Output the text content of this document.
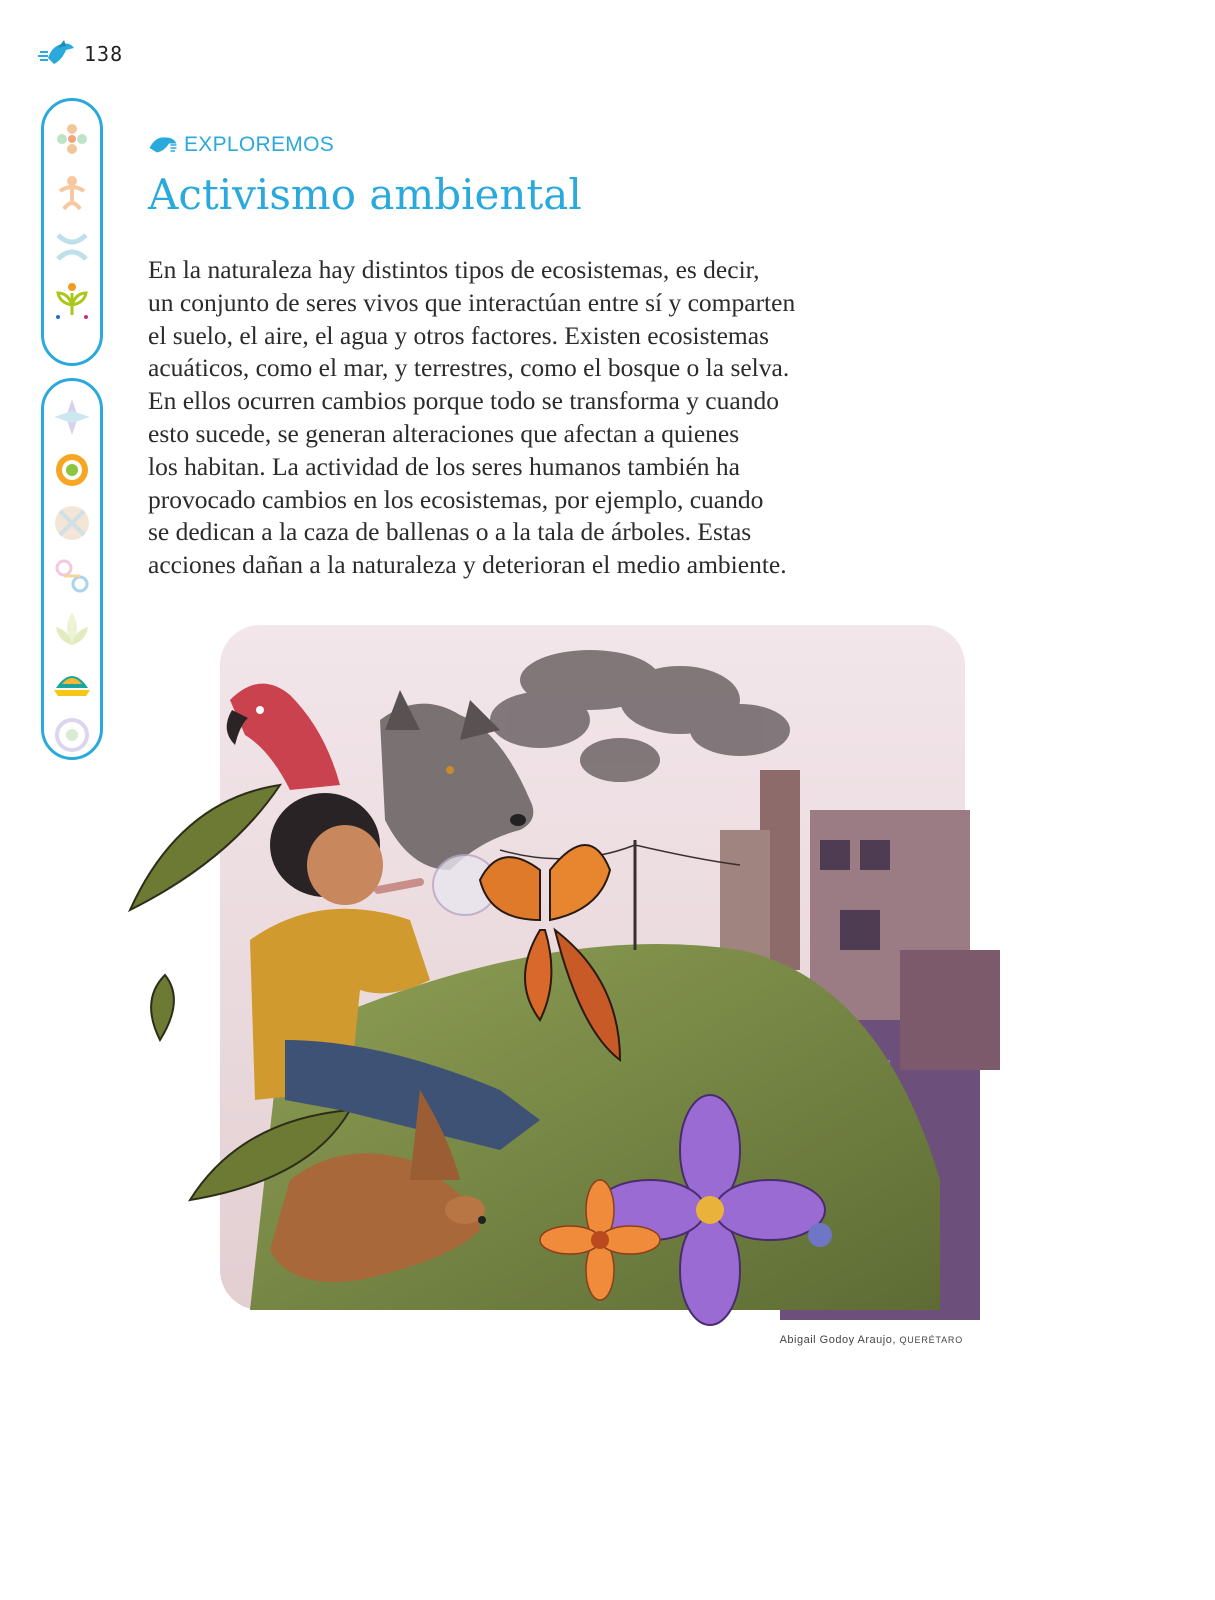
138
EXPLOREMOS
Activismo ambiental

En la naturaleza hay distintos tipos de ecosistemas, es decir,
un conjunto de seres vivos que interactúan entre sí y comparten
el suelo, el aire, el agua y otros factores. Existen ecosistemas
acuáticos, como el mar, y terrestres, como el bosque o la selva.
En ellos ocurren cambios porque todo se transforma y cuando
esto sucede, se generan alteraciones que afectan a quienes
los habitan. La actividad de los seres humanos también ha
provocado cambios en los ecosistemas, por ejemplo, cuando
se dedican a la caza de ballenas o a la tala de árboles. Estas
acciones dañan a la naturaleza y deterioran el medio ambiente.

Abigail Godoy Araujo, QUERÉTARO
